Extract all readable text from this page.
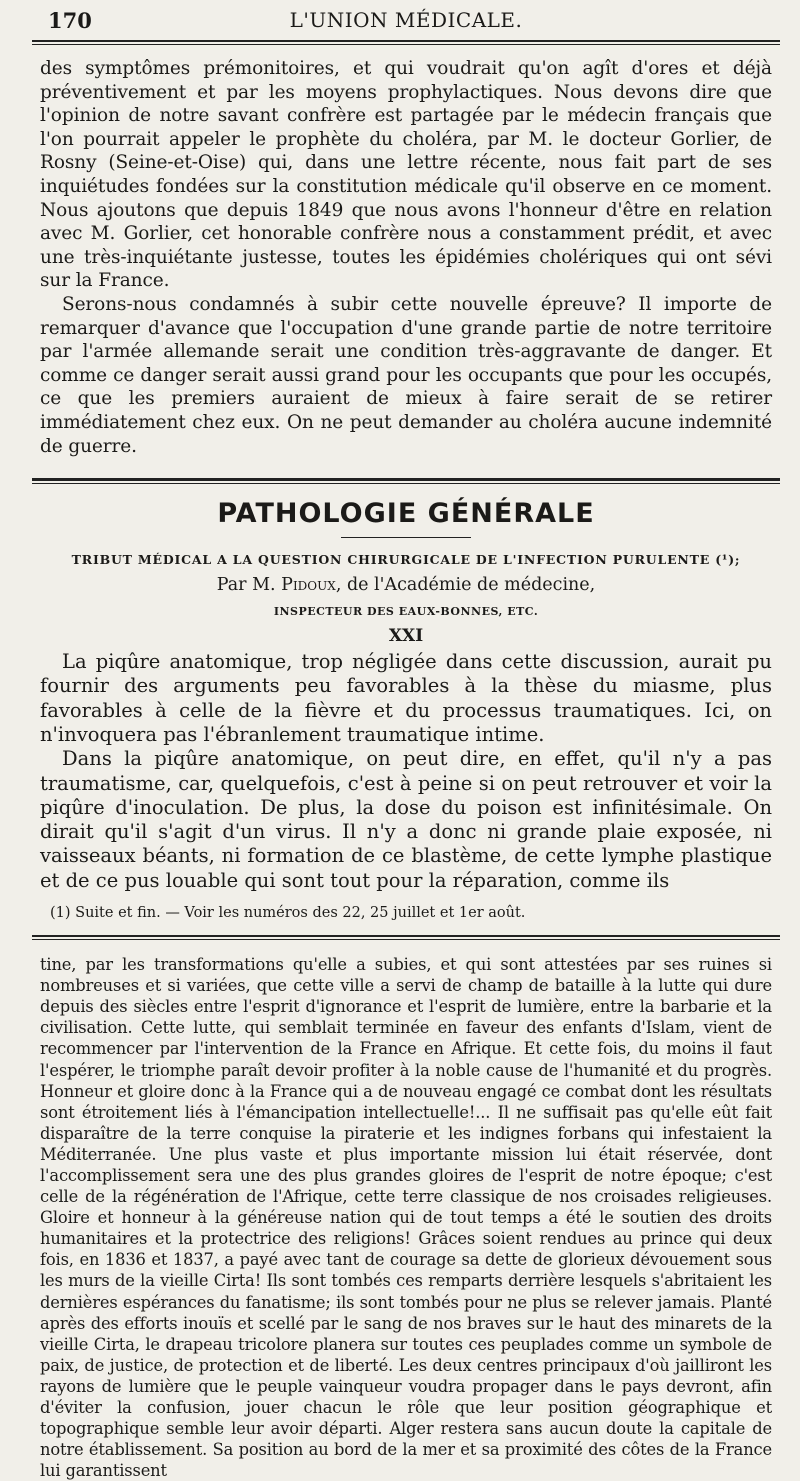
170	L'UNION MÉDICALE.

des symptômes prémonitoires, et qui voudrait qu'on agît d'ores et déjà préventivement et par les moyens prophylactiques. Nous devons dire que l'opinion de notre savant confrère est partagée par le médecin français que l'on pourrait appeler le prophète du choléra, par M. le docteur Gorlier, de Rosny (Seine-et-Oise) qui, dans une lettre récente, nous fait part de ses inquiétudes fondées sur la constitution médicale qu'il observe en ce moment. Nous ajoutons que depuis 1849 que nous avons l'honneur d'être en relation avec M. Gorlier, cet honorable confrère nous a constamment prédit, et avec une très-inquiétante justesse, toutes les épidémies cholériques qui ont sévi sur la France.

Serons-nous condamnés à subir cette nouvelle épreuve? Il importe de remarquer d'avance que l'occupation d'une grande partie de notre territoire par l'armée allemande serait une condition très-aggravante de danger. Et comme ce danger serait aussi grand pour les occupants que pour les occupés, ce que les premiers auraient de mieux à faire serait de se retirer immédiatement chez eux. On ne peut demander au choléra aucune indemnité de guerre.

PATHOLOGIE GÉNÉRALE
TRIBUT MÉDICAL A LA QUESTION CHIRURGICALE DE L'INFECTION PURULENTE (¹);
Par M. Pidoux, de l'Académie de médecine,
INSPECTEUR DES EAUX-BONNES, ETC.
XXI

La piqûre anatomique, trop négligée dans cette discussion, aurait pu fournir des arguments peu favorables à la thèse du miasme, plus favorables à celle de la fièvre et du processus traumatiques. Ici, on n'invoquera pas l'ébranlement traumatique intime.

Dans la piqûre anatomique, on peut dire, en effet, qu'il n'y a pas traumatisme, car, quelquefois, c'est à peine si on peut retrouver et voir la piqûre d'inoculation. De plus, la dose du poison est infinitésimale. On dirait qu'il s'agit d'un virus. Il n'y a donc ni grande plaie exposée, ni vaisseaux béants, ni formation de ce blastème, de cette lymphe plastique et de ce pus louable qui sont tout pour la réparation, comme ils

(1) Suite et fin. — Voir les numéros des 22, 25 juillet et 1er août.

tine, par les transformations qu'elle a subies, et qui sont attestées par ses ruines si nombreuses et si variées, que cette ville a servi de champ de bataille à la lutte qui dure depuis des siècles entre l'esprit d'ignorance et l'esprit de lumière, entre la barbarie et la civilisation. Cette lutte, qui semblait terminée en faveur des enfants d'Islam, vient de recommencer par l'intervention de la France en Afrique. Et cette fois, du moins il faut l'espérer, le triomphe paraît devoir profiter à la noble cause de l'humanité et du progrès. Honneur et gloire donc à la France qui a de nouveau engagé ce combat dont les résultats sont étroitement liés à l'émancipation intellectuelle!... Il ne suffisait pas qu'elle eût fait disparaître de la terre conquise la piraterie et les indignes forbans qui infestaient la Méditerranée. Une plus vaste et plus importante mission lui était réservée, dont l'accomplissement sera une des plus grandes gloires de l'esprit de notre époque; c'est celle de la régénération de l'Afrique, cette terre classique de nos croisades religieuses. Gloire et honneur à la généreuse nation qui de tout temps a été le soutien des droits humanitaires et la protectrice des religions! Grâces soient rendues au prince qui deux fois, en 1836 et 1837, a payé avec tant de courage sa dette de glorieux dévouement sous les murs de la vieille Cirta! Ils sont tombés ces remparts derrière lesquels s'abritaient les dernières espérances du fanatisme; ils sont tombés pour ne plus se relever jamais. Planté après des efforts inouïs et scellé par le sang de nos braves sur le haut des minarets de la vieille Cirta, le drapeau tricolore planera sur toutes ces peuplades comme un symbole de paix, de justice, de protection et de liberté. Les deux centres principaux d'où jailliront les rayons de lumière que le peuple vainqueur voudra propager dans le pays devront, afin d'éviter la confusion, jouer chacun le rôle que leur position géographique et topographique semble leur avoir départi. Alger restera sans aucun doute la capitale de notre établissement. Sa position au bord de la mer et sa proximité des côtes de la France lui garantissent
